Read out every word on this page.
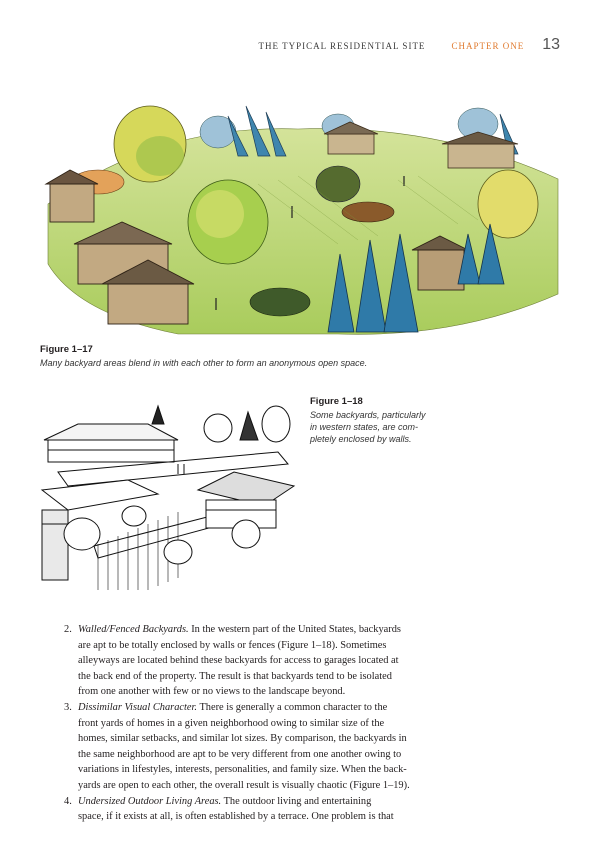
THE TYPICAL RESIDENTIAL SITE	CHAPTER ONE 13
Figure 1–17
Many backyard areas blend in with each other to form an anonymous open space.
Figure 1–18
Some backyards, particularly
in western states, are com-
pletely enclosed by walls.
2. Walled/Fenced Backyards. In the western part of the United States, backyards
are apt to be totally enclosed by walls or fences (Figure 1–18). Sometimes
alleyways are located behind these backyards for access to garages located at
the back end of the property. The result is that backyards tend to be isolated
from one another with few or no views to the landscape beyond.
3. Dissimilar Visual Character. There is generally a common character to the
front yards of homes in a given neighborhood owing to similar size of the
homes, similar setbacks, and similar lot sizes. By comparison, the backyards in
the same neighborhood are apt to be very different from one another owing to
variations in lifestyles, interests, personalities, and family size. When the back-
yards are open to each other, the overall result is visually chaotic (Figure 1–19).
4. Undersized Outdoor Living Areas. The outdoor living and entertaining
space, if it exists at all, is often established by a terrace. One problem is that
